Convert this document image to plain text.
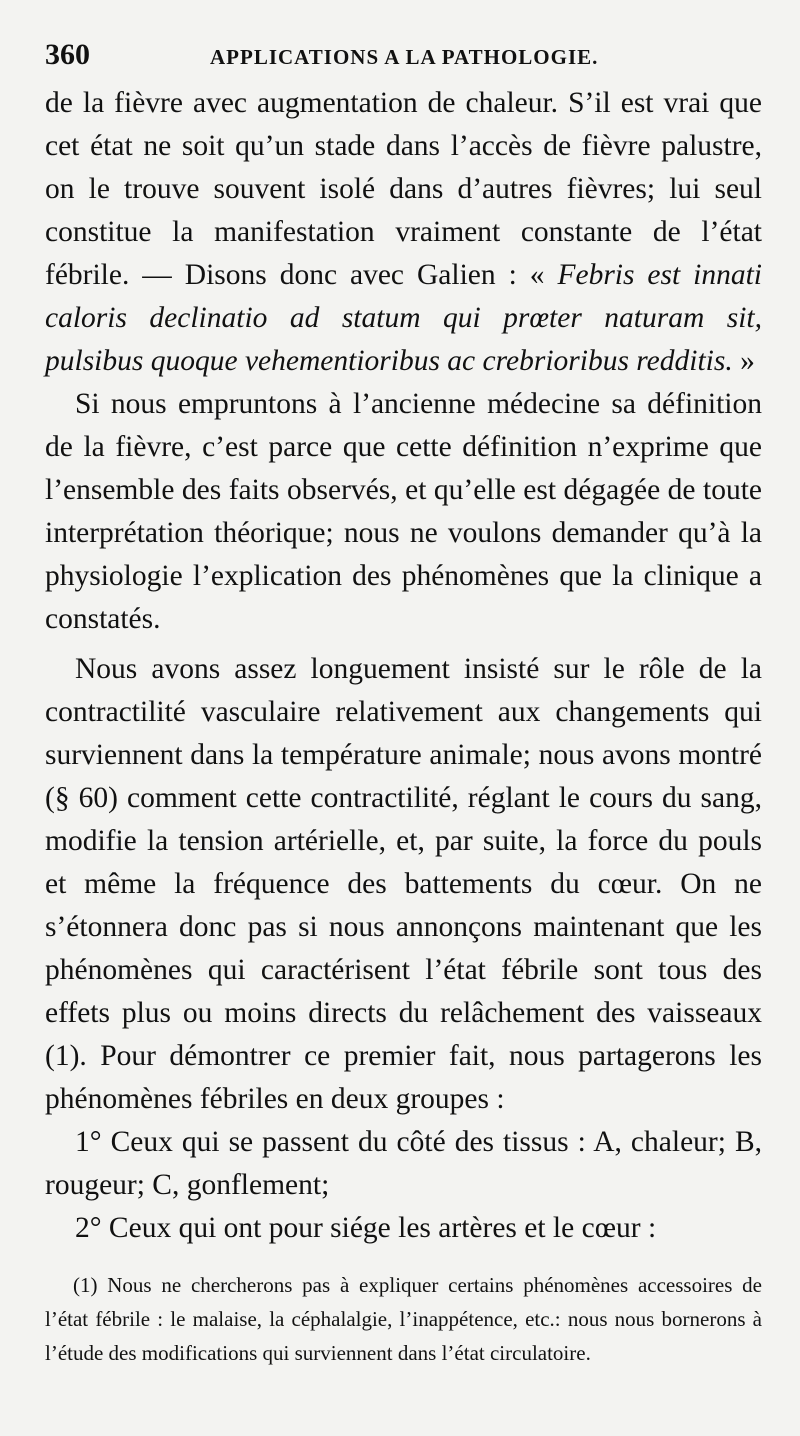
360	APPLICATIONS A LA PATHOLOGIE.

de la fièvre avec augmentation de chaleur. S’il est vrai que cet état ne soit qu’un stade dans l’accès de fièvre palustre, on le trouve souvent isolé dans d’autres fièvres; lui seul constitue la manifestation vraiment constante de l’état fébrile. — Disons donc avec Galien : « Febris est innati caloris declinatio ad statum qui prœter naturam sit, pulsibus quoque vehementioribus ac crebrioribus redditis. »

Si nous empruntons à l’ancienne médecine sa définition de la fièvre, c’est parce que cette définition n’exprime que l’ensemble des faits observés, et qu’elle est dégagée de toute interprétation théorique; nous ne voulons demander qu’à la physiologie l’explication des phénomènes que la clinique a constatés.

Nous avons assez longuement insisté sur le rôle de la contractilité vasculaire relativement aux changements qui surviennent dans la température animale; nous avons montré (§ 60) comment cette contractilité, réglant le cours du sang, modifie la tension artérielle, et, par suite, la force du pouls et même la fréquence des battements du cœur. On ne s’étonnera donc pas si nous annonçons maintenant que les phénomènes qui caractérisent l’état fébrile sont tous des effets plus ou moins directs du relâchement des vaisseaux (1). Pour démontrer ce premier fait, nous partagerons les phénomènes fébriles en deux groupes :

1° Ceux qui se passent du côté des tissus : A, chaleur; B, rougeur; C, gonflement;

2° Ceux qui ont pour siége les artères et le cœur :

(1) Nous ne chercherons pas à expliquer certains phénomènes accessoires de l’état fébrile : le malaise, la céphalalgie, l’inappétence, etc.: nous nous bornerons à l’étude des modifications qui surviennent dans l’état circulatoire.
